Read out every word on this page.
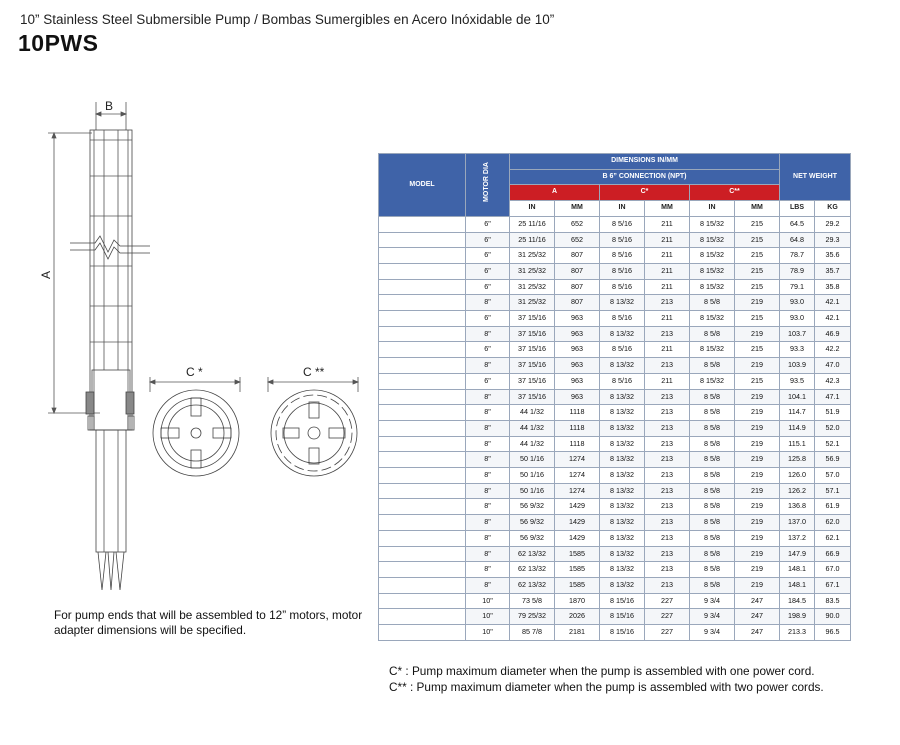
10” Stainless Steel Submersible Pump / Bombas Sumergibles en Acero Inóxidable de 10”
10PWS
B
A
C *	C **
For pump ends that will be assembled to 12” motors, motor adapter dimensions will be specified.
MODEL	MOTOR DIA	DIMENSIONS IN/MM						NET WEIGHT	
		B 6” CONNECTION (NPT)							
		A		C*		C**			
		IN	MM	IN	MM	IN	MM	LBS	KG
10PWS 650G150	6"	25 11/16	652	8 5/16	211	8 15/32	215	64.5	29.2
10PWS 650G250	6"	25 11/16	652	8 5/16	211	8 15/32	215	64.8	29.3
10PWS 650G300	6"	31 25/32	807	8 5/16	211	8 15/32	215	78.7	35.6
10PWS 650G350	6"	31 25/32	807	8 5/16	211	8 15/32	215	78.9	35.7
10PWS 650G400	6"	31 25/32	807	8 5/16	211	8 15/32	215	79.1	35.8
10PWS 650G400	8"	31 25/32	807	8 13/32	213	8 5/8	219	93.0	42.1
10PWS 650G500	6"	37 15/16	963	8 5/16	211	8 15/32	215	93.0	42.1
10PWS 650G500	8"	37 15/16	963	8 13/32	213	8 5/8	219	103.7	46.9
10PWS 650G500H	6"	37 15/16	963	8 5/16	211	8 15/32	215	93.3	42.2
10PWS 650G500H	8"	37 15/16	963	8 13/32	213	8 5/8	219	103.9	47.0
10PWS 650G600	6"	37 15/16	963	8 5/16	211	8 15/32	215	93.5	42.3
10PWS 650G600	8"	37 15/16	963	8 13/32	213	8 5/8	219	104.1	47.1
10PWS 650G750	8"	44 1/32	1118	8 13/32	213	8 5/8	219	114.7	51.9
10PWS 650G750H	8"	44 1/32	1118	8 13/32	213	8 5/8	219	114.9	52.0
10PWS 650G850	8"	44 1/32	1118	8 13/32	213	8 5/8	219	115.1	52.1
10PWS 650G1000	8"	50 1/16	1274	8 13/32	213	8 5/8	219	125.8	56.9
10PWS 650G1000H	8"	50 1/16	1274	8 13/32	213	8 5/8	219	126.0	57.0
10PWS 650G1000HH	8"	50 1/16	1274	8 13/32	213	8 5/8	219	126.2	57.1
10PWS 650G1000SH	8"	56 9/32	1429	8 13/32	213	8 5/8	219	136.8	61.9
10PWS 650G1250	8"	56 9/32	1429	8 13/32	213	8 5/8	219	137.0	62.0
10PWS 650G1250H	8"	56 9/32	1429	8 13/32	213	8 5/8	219	137.2	62.1
10PWS 650G1250HH	8"	62 13/32	1585	8 13/32	213	8 5/8	219	147.9	66.9
10PWS 650G1250SH	8"	62 13/32	1585	8 13/32	213	8 5/8	219	148.1	67.0
10PWS 650G1500	8"	62 13/32	1585	8 13/32	213	8 5/8	219	148.1	67.1
10PWS 650G1750	10"	73 5/8	1870	8 15/16	227	9 3/4	247	184.5	83.5
10PWS 650G1750H	10"	79 25/32	2026	8 15/16	227	9 3/4	247	198.9	90.0
10PWS 650G2000	10"	85 7/8	2181	8 15/16	227	9 3/4	247	213.3	96.5
C* : Pump maximum diameter when the pump is assembled with one power cord.
C** : Pump maximum diameter when the pump is assembled with two power cords.
